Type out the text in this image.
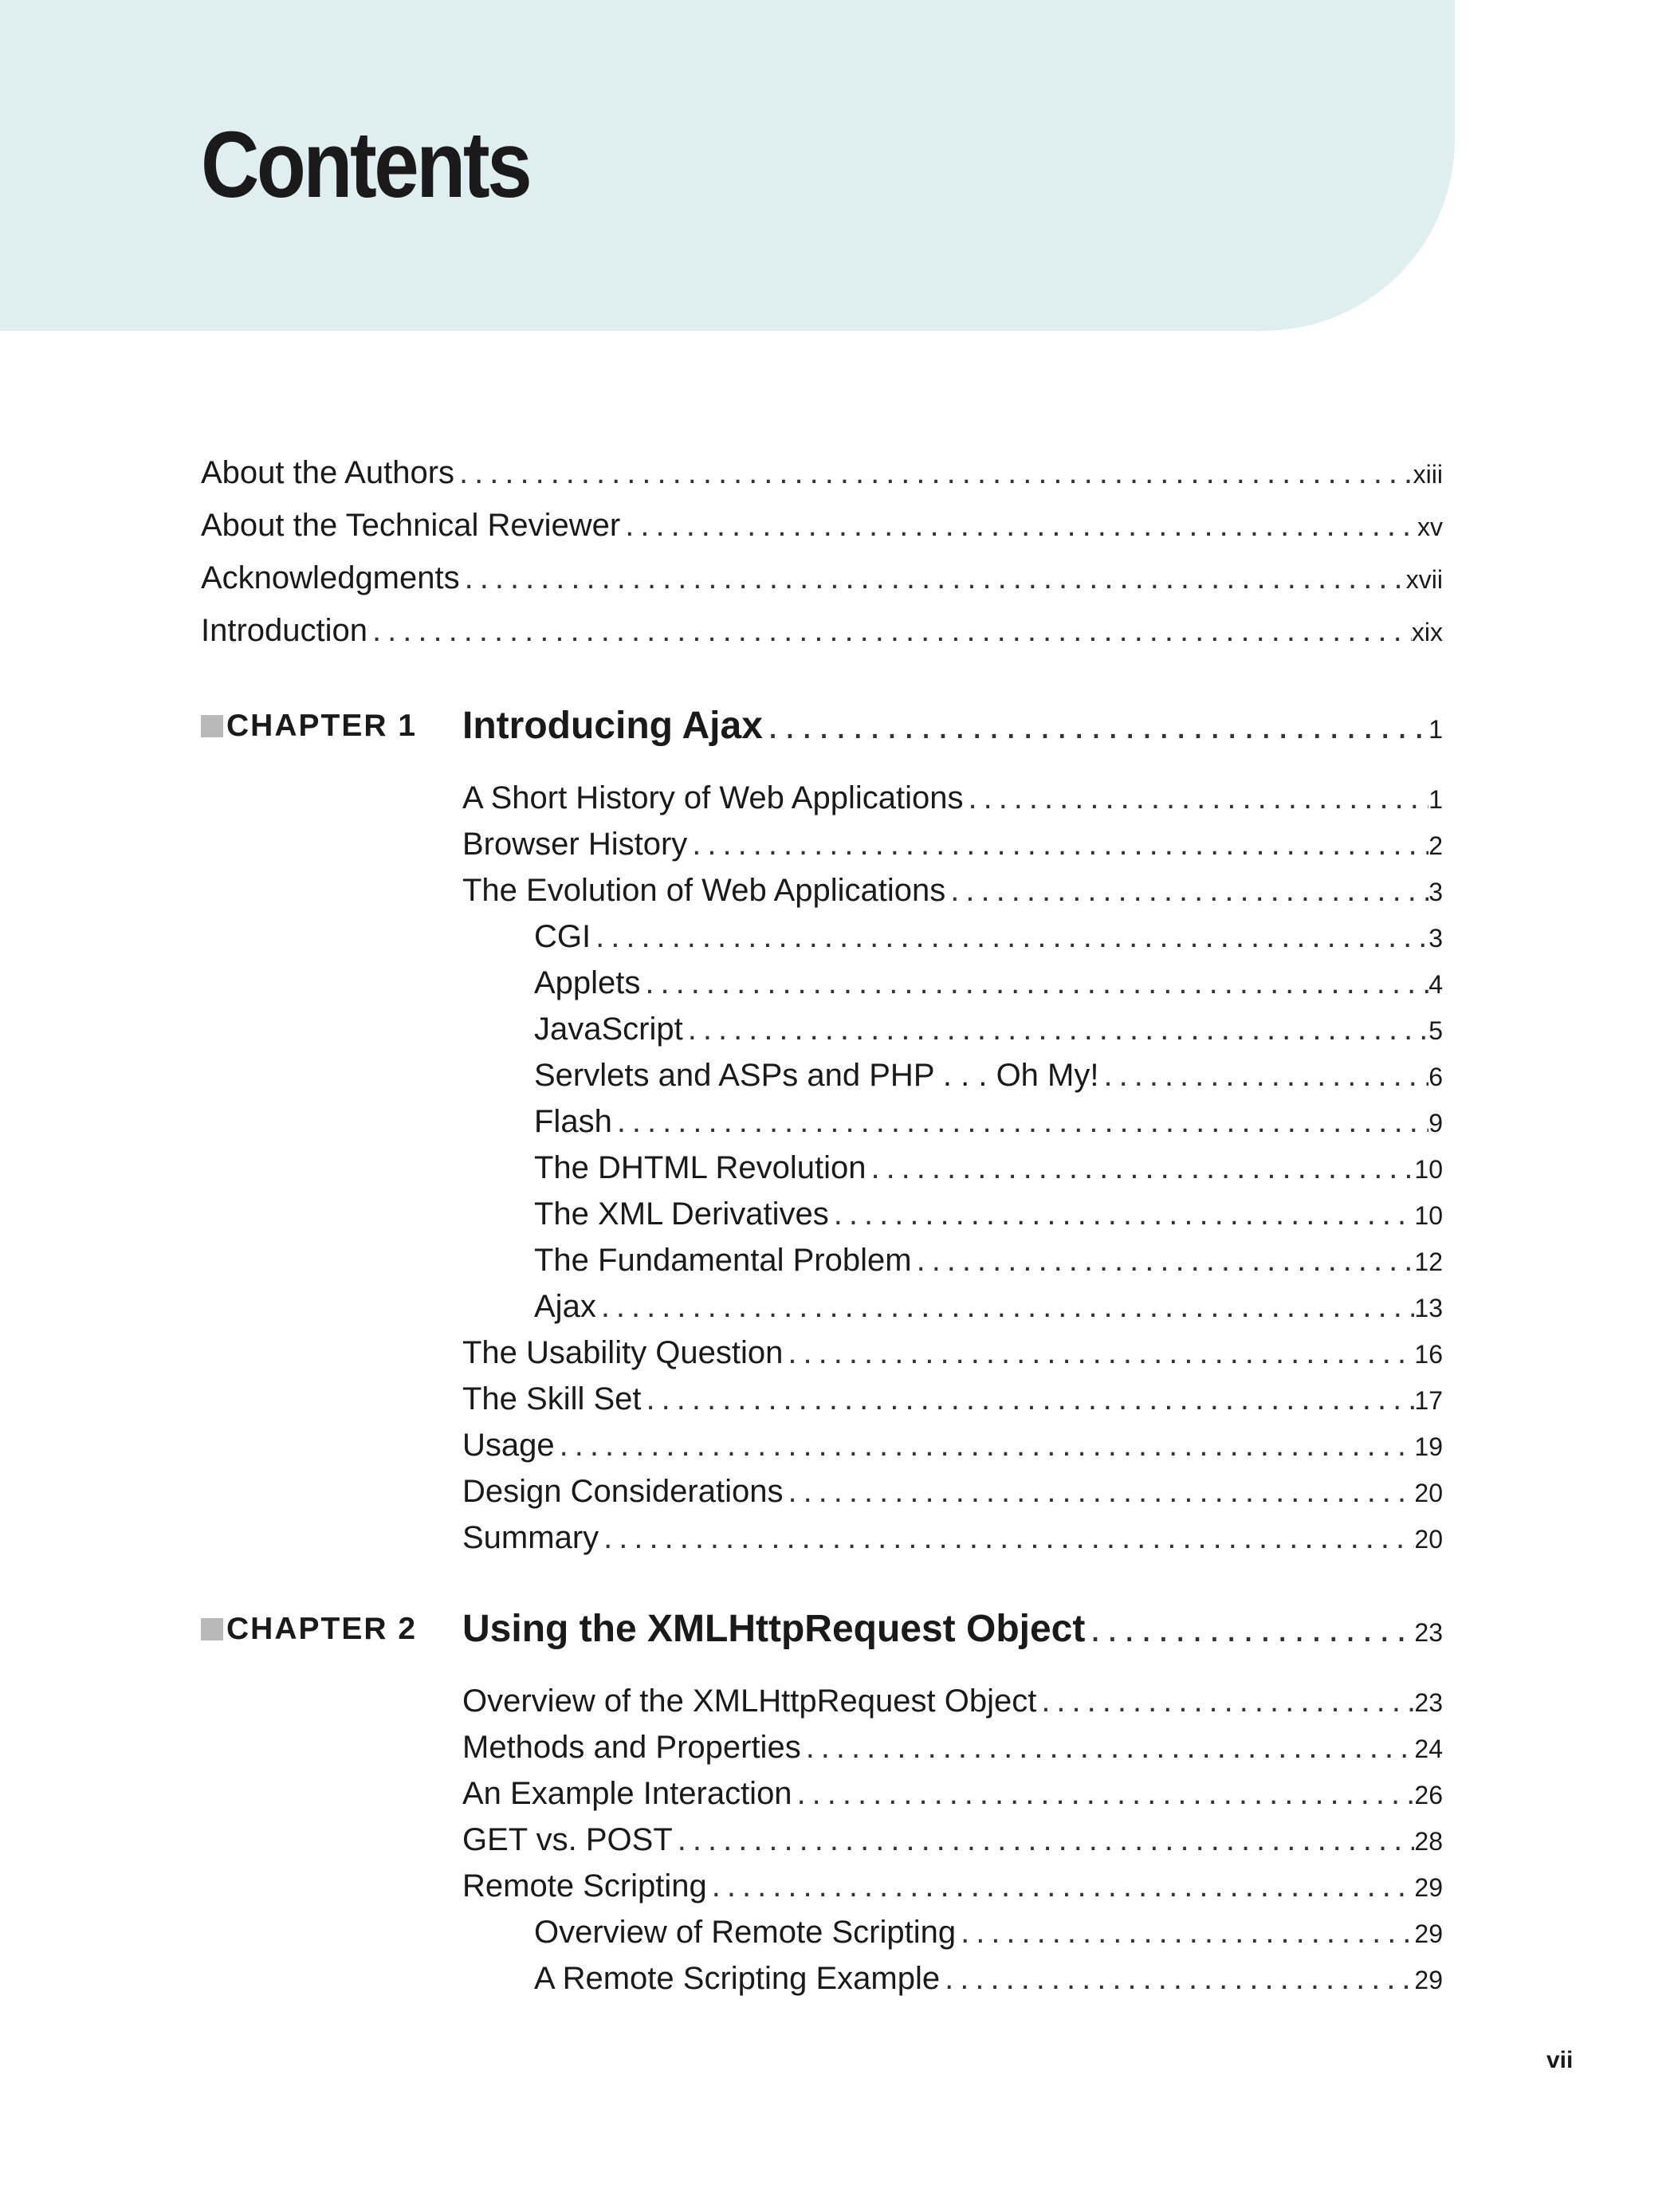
Contents
About the Authors .....	xiii
About the Technical Reviewer .....	xv
Acknowledgments .....	xvii
Introduction .....	xix
CHAPTER 1 Introducing Ajax .....	1
A Short History of Web Applications .....	1
Browser History .....	2
The Evolution of Web Applications .....	3
CGI .....	3
Applets .....	4
JavaScript .....	5
Servlets and ASPs and PHP . . . Oh My! .....	6
Flash .....	9
The DHTML Revolution .....	10
The XML Derivatives .....	10
The Fundamental Problem .....	12
Ajax .....	13
The Usability Question .....	16
The Skill Set .....	17
Usage .....	19
Design Considerations .....	20
Summary .....	20
CHAPTER 2 Using the XMLHttpRequest Object .....	23
Overview of the XMLHttpRequest Object .....	23
Methods and Properties .....	24
An Example Interaction .....	26
GET vs. POST .....	28
Remote Scripting .....	29
Overview of Remote Scripting .....	29
A Remote Scripting Example .....	29
vii
